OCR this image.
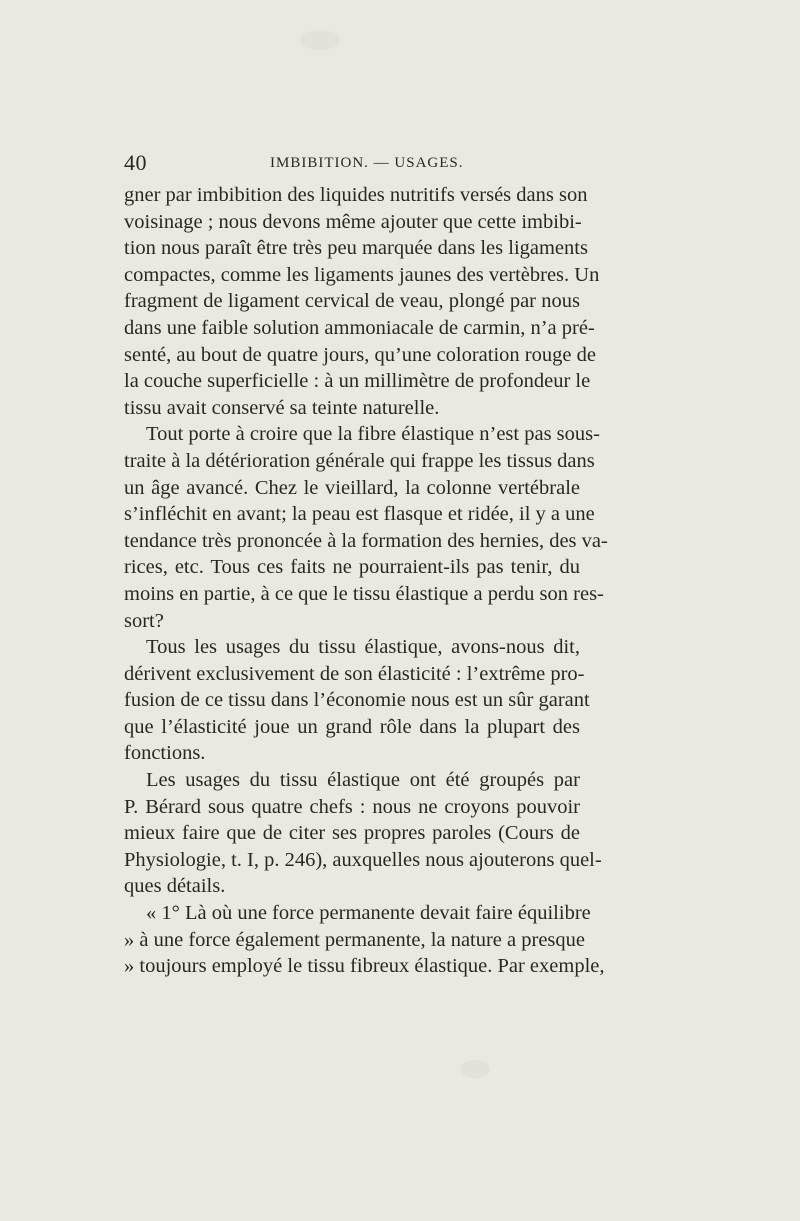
40	IMBIBITION. — USAGES.
gner par imbibition des liquides nutritifs versés dans son
voisinage ; nous devons même ajouter que cette imbibi-
tion nous paraît être très peu marquée dans les ligaments
compactes, comme les ligaments jaunes des vertèbres. Un
fragment de ligament cervical de veau, plongé par nous
dans une faible solution ammoniacale de carmin, n’a pré-
senté, au bout de quatre jours, qu’une coloration rouge de
la couche superficielle : à un millimètre de profondeur le
tissu avait conservé sa teinte naturelle.
Tout porte à croire que la fibre élastique n’est pas sous-
traite à la détérioration générale qui frappe les tissus dans
un âge avancé. Chez le vieillard, la colonne vertébrale
s’infléchit en avant; la peau est flasque et ridée, il y a une
tendance très prononcée à la formation des hernies, des va-
rices, etc. Tous ces faits ne pourraient-ils pas tenir, du
moins en partie, à ce que le tissu élastique a perdu son res-
sort?
Tous les usages du tissu élastique, avons-nous dit,
dérivent exclusivement de son élasticité : l’extrême pro-
fusion de ce tissu dans l’économie nous est un sûr garant
que l’élasticité joue un grand rôle dans la plupart des
fonctions.
Les usages du tissu élastique ont été groupés par
P. Bérard sous quatre chefs : nous ne croyons pouvoir
mieux faire que de citer ses propres paroles (Cours de
Physiologie, t. I, p. 246), auxquelles nous ajouterons quel-
ques détails.
« 1° Là où une force permanente devait faire équilibre
» à une force également permanente, la nature a presque
» toujours employé le tissu fibreux élastique. Par exemple,
